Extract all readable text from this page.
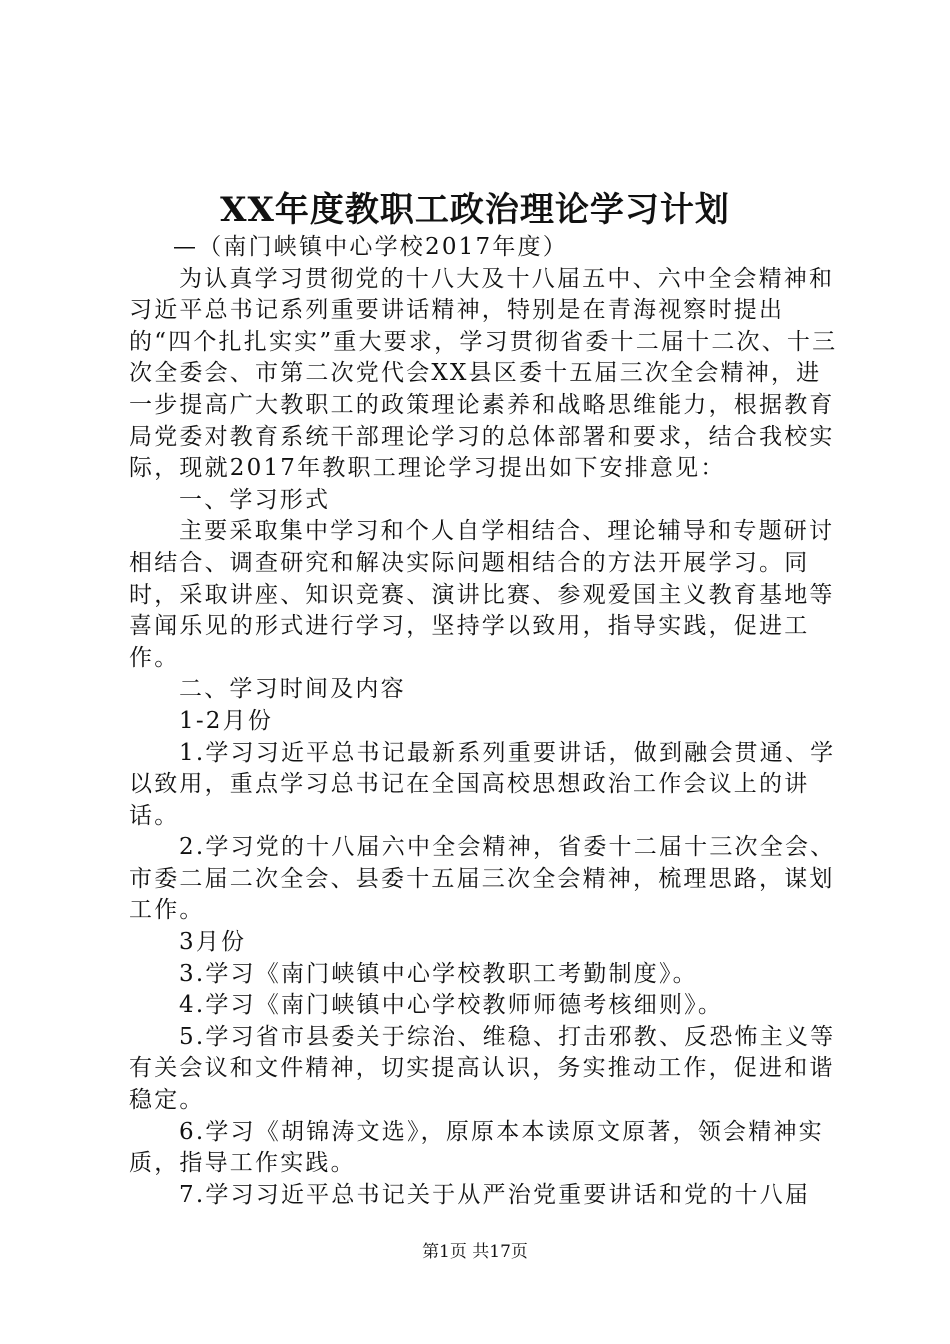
XX年度教职工政治理论学习计划

—（南门峡镇中心学校2017年度）

为认真学习贯彻党的十八大及十八届五中、六中全会精神和习近平总书记系列重要讲话精神，特别是在青海视察时提出的“四个扎扎实实”重大要求，学习贯彻省委十二届十二次、十三次全委会、市第二次党代会XX县区委十五届三次全会精神，进一步提高广大教职工的政策理论素养和战略思维能力，根据教育局党委对教育系统干部理论学习的总体部署和要求，结合我校实际，现就2017年教职工理论学习提出如下安排意见：

一、学习形式

主要采取集中学习和个人自学相结合、理论辅导和专题研讨相结合、调查研究和解决实际问题相结合的方法开展学习。同时，采取讲座、知识竞赛、演讲比赛、参观爱国主义教育基地等喜闻乐见的形式进行学习，坚持学以致用，指导实践，促进工作。

二、学习时间及内容

1-2月份

1.学习习近平总书记最新系列重要讲话，做到融会贯通、学以致用，重点学习总书记在全国高校思想政治工作会议上的讲话。

2.学习党的十八届六中全会精神，省委十二届十三次全会、市委二届二次全会、县委十五届三次全会精神，梳理思路，谋划工作。

3月份

3.学习《南门峡镇中心学校教职工考勤制度》。

4.学习《南门峡镇中心学校教师师德考核细则》。

5.学习省市县委关于综治、维稳、打击邪教、反恐怖主义等有关会议和文件精神，切实提高认识，务实推动工作，促进和谐稳定。

6.学习《胡锦涛文选》，原原本本读原文原著，领会精神实质，指导工作实践。

7.学习习近平总书记关于从严治党重要讲话和党的十八届

第1页 共17页
